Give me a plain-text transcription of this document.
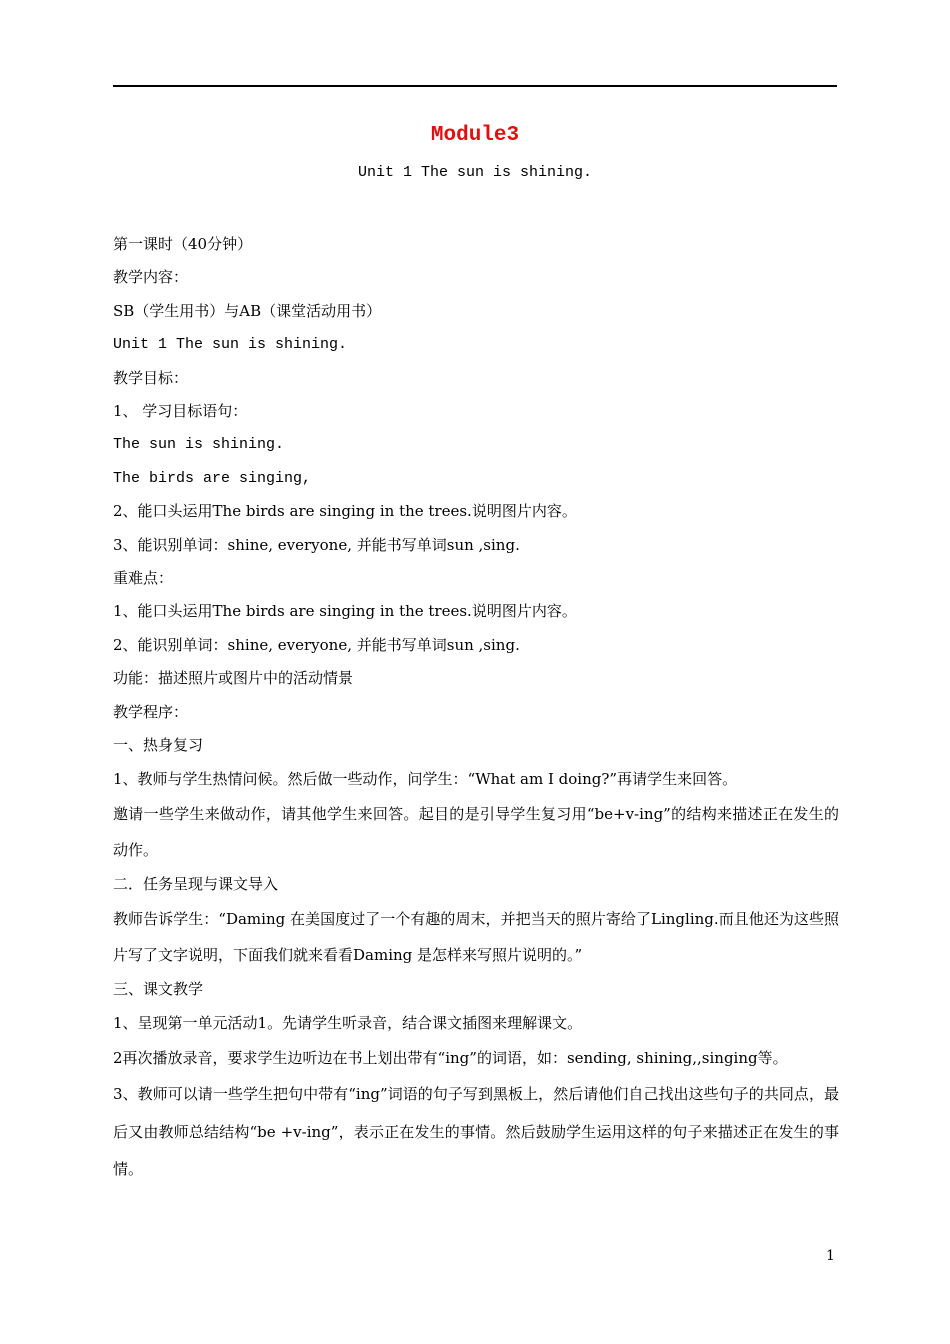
Module3
Unit 1 The sun is shining.

第一课时（40分钟）

教学内容：

SB（学生用书）与AB（课堂活动用书）

Unit 1 The sun is shining.

教学目标：

1、 学习目标语句：

The sun is shining.

The birds are singing,

2、能口头运用The birds are singing in the trees.说明图片内容。

3、能识别单词：shine, everyone, 并能书写单词sun ,sing.

重难点：

1、能口头运用The birds are singing in the trees.说明图片内容。

2、能识别单词：shine, everyone, 并能书写单词sun ,sing.

功能：描述照片或图片中的活动情景

教学程序：

一、热身复习

1、教师与学生热情问候。然后做一些动作，问学生：“What am I doing?”再请学生来回答。

邀请一些学生来做动作，请其他学生来回答。起目的是引导学生复习用“be+v-ing”的结构来描述正在发生的动作。

二．任务呈现与课文导入

教师告诉学生：“Daming 在美国度过了一个有趣的周末，并把当天的照片寄给了Lingling.而且他还为这些照片写了文字说明，下面我们就来看看Daming 是怎样来写照片说明的。”

三、课文教学

1、呈现第一单元活动1。先请学生听录音，结合课文插图来理解课文。

2再次播放录音，要求学生边听边在书上划出带有“ing”的词语，如：sending, shining,,singing等。

3、教师可以请一些学生把句中带有“ing”词语的句子写到黑板上，然后请他们自己找出这些句子的共同点，最后又由教师总结结构“be +v-ing”，表示正在发生的事情。然后鼓励学生运用这样的句子来描述正在发生的事情。

1
